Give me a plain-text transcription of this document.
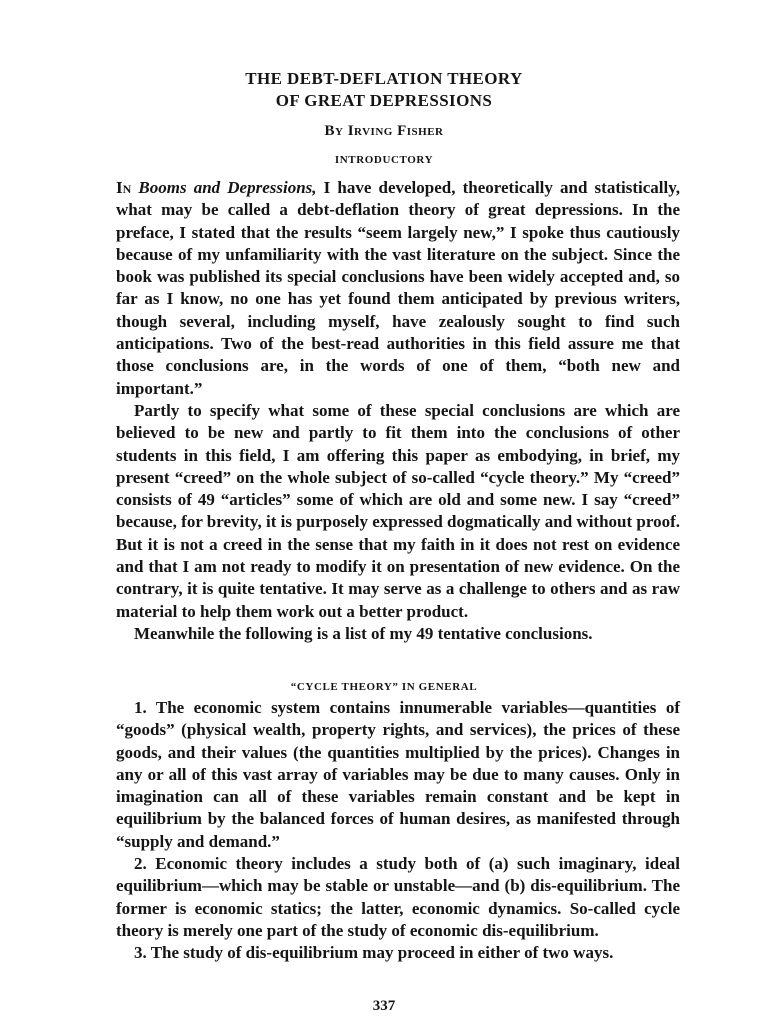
THE DEBT-DEFLATION THEORY
OF GREAT DEPRESSIONS
By Irving Fisher
INTRODUCTORY

In Booms and Depressions, I have developed, theoretically and statistically, what may be called a debt-deflation theory of great depressions. In the preface, I stated that the results “seem largely new,” I spoke thus cautiously because of my unfamiliarity with the vast literature on the subject. Since the book was published its special conclusions have been widely accepted and, so far as I know, no one has yet found them anticipated by previous writers, though several, including myself, have zealously sought to find such anticipations. Two of the best-read authorities in this field assure me that those conclusions are, in the words of one of them, “both new and important.”

Partly to specify what some of these special conclusions are which are believed to be new and partly to fit them into the conclusions of other students in this field, I am offering this paper as embodying, in brief, my present “creed” on the whole subject of so-called “cycle theory.” My “creed” consists of 49 “articles” some of which are old and some new. I say “creed” because, for brevity, it is purposely expressed dogmatically and without proof. But it is not a creed in the sense that my faith in it does not rest on evidence and that I am not ready to modify it on presentation of new evidence. On the contrary, it is quite tentative. It may serve as a challenge to others and as raw material to help them work out a better product.

Meanwhile the following is a list of my 49 tentative conclusions.

“CYCLE THEORY” IN GENERAL

1. The economic system contains innumerable variables—quantities of “goods” (physical wealth, property rights, and services), the prices of these goods, and their values (the quantities multiplied by the prices). Changes in any or all of this vast array of variables may be due to many causes. Only in imagination can all of these variables remain constant and be kept in equilibrium by the balanced forces of human desires, as manifested through “supply and demand.”

2. Economic theory includes a study both of (a) such imaginary, ideal equilibrium—which may be stable or unstable—and (b) dis-equilibrium. The former is economic statics; the latter, economic dynamics. So-called cycle theory is merely one part of the study of economic dis-equilibrium.

3. The study of dis-equilibrium may proceed in either of two ways.

337
